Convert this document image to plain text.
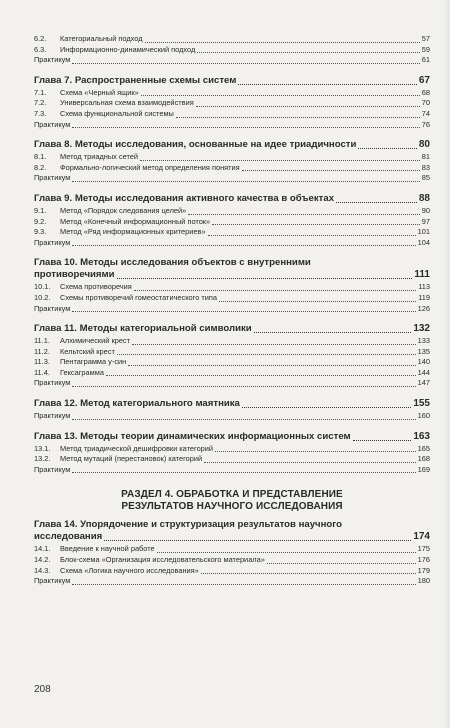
6.2.	Категориальный подход	57
6.3.	Информационно-динамический подход	59
Практикум	61
Глава 7. Распространенные схемы систем	67
7.1.	Схема «Черный ящик»	68
7.2.	Универсальная схема взаимодействия	70
7.3.	Схема функциональной системы	74
Практикум	76
Глава 8. Методы исследования, основанные на идее триадичности	80
8.1.	Метод триадных сетей	81
8.2.	Формально-логический метод определения понятия	83
Практикум	85
Глава 9. Методы исследования активного качества в объектах	88
9.1.	Метод «Порядок следования целей»	90
9.2.	Метод «Конечный информационный поток»	97
9.3.	Метод «Ряд информационных критериев»	101
Практикум	104
Глава 10. Методы исследования объектов с внутренними
противоречиями	111
10.1.	Схема противоречия	113
10.2.	Схемы противоречий гомеостатического типа	119
Практикум	126
Глава 11. Методы категориальной символики	132
11.1.	Алхимический крест	133
11.2.	Кельтский крест	135
11.3.	Пентаграмма у-син	140
11.4.	Гексаграмма	144
Практикум	147
Глава 12. Метод категориального маятника	155
Практикум	160
Глава 13. Методы теории динамических информационных систем	163
13.1.	Метод триадической дешифровки категорий	165
13.2.	Метод мутаций (перестановок) категорий	168
Практикум	169
РАЗДЕЛ 4. ОБРАБОТКА И ПРЕДСТАВЛЕНИЕ
РЕЗУЛЬТАТОВ НАУЧНОГО ИССЛЕДОВАНИЯ
Глава 14. Упорядочение и структуризация результатов научного
исследования	174
14.1.	Введение к научной работе	175
14.2.	Блок-схема «Организация исследовательского материала»	176
14.3.	Схема «Логика научного исследования»	179
Практикум	180
208
